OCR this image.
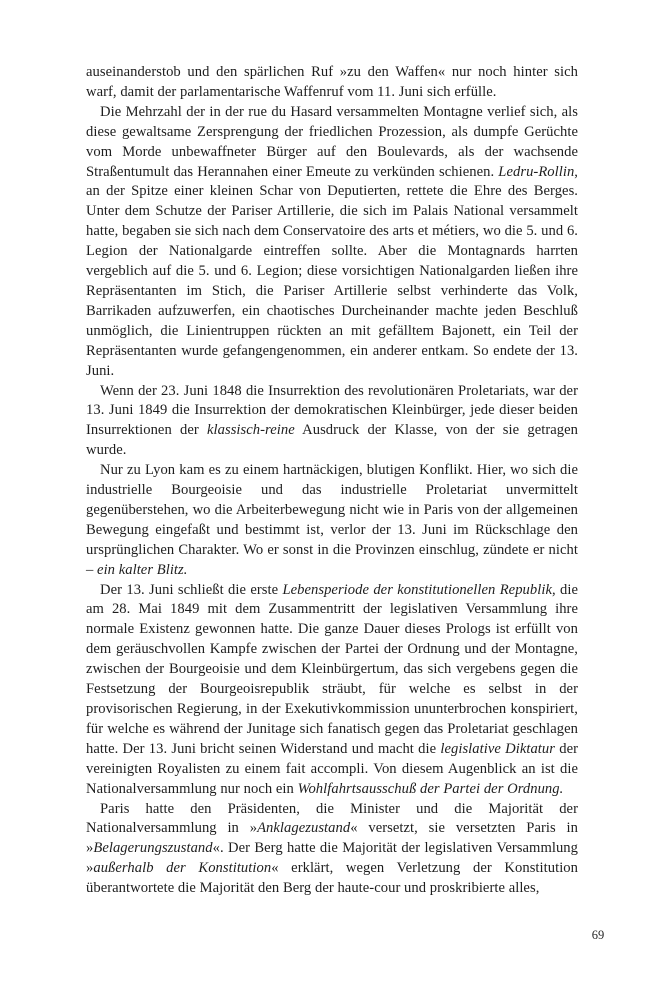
auseinanderstob und den spärlichen Ruf »zu den Waffen« nur noch hinter sich warf, damit der parlamentarische Waffenruf vom 11. Juni sich erfülle.

Die Mehrzahl der in der rue du Hasard versammelten Montagne verlief sich, als diese gewaltsame Zersprengung der friedlichen Prozession, als dumpfe Gerüchte vom Morde unbewaffneter Bürger auf den Boulevards, als der wachsende Straßentumult das Herannahen einer Emeute zu verkünden schienen. Ledru-Rollin, an der Spitze einer kleinen Schar von Deputierten, rettete die Ehre des Berges. Unter dem Schutze der Pariser Artillerie, die sich im Palais National versammelt hatte, begaben sie sich nach dem Conservatoire des arts et métiers, wo die 5. und 6. Legion der Nationalgarde eintreffen sollte. Aber die Montagnards harrten vergeblich auf die 5. und 6. Legion; diese vorsichtigen Nationalgarden ließen ihre Repräsentanten im Stich, die Pariser Artillerie selbst verhinderte das Volk, Barrikaden aufzuwerfen, ein chaotisches Durcheinander machte jeden Beschluß unmöglich, die Linientruppen rückten an mit gefälltem Bajonett, ein Teil der Repräsentanten wurde gefangengenommen, ein anderer entkam. So endete der 13. Juni.

Wenn der 23. Juni 1848 die Insurrektion des revolutionären Proletariats, war der 13. Juni 1849 die Insurrektion der demokratischen Kleinbürger, jede dieser beiden Insurrektionen der klassisch-reine Ausdruck der Klasse, von der sie getragen wurde.

Nur zu Lyon kam es zu einem hartnäckigen, blutigen Konflikt. Hier, wo sich die industrielle Bourgeoisie und das industrielle Proletariat unvermittelt gegenüberstehen, wo die Arbeiterbewegung nicht wie in Paris von der allgemeinen Bewegung eingefaßt und bestimmt ist, verlor der 13. Juni im Rückschlage den ursprünglichen Charakter. Wo er sonst in die Provinzen einschlug, zündete er nicht – ein kalter Blitz.

Der 13. Juni schließt die erste Lebensperiode der konstitutionellen Republik, die am 28. Mai 1849 mit dem Zusammentritt der legislativen Versammlung ihre normale Existenz gewonnen hatte. Die ganze Dauer dieses Prologs ist erfüllt von dem geräuschvollen Kampfe zwischen der Partei der Ordnung und der Montagne, zwischen der Bourgeoisie und dem Kleinbürgertum, das sich vergebens gegen die Festsetzung der Bourgeoisrepublik sträubt, für welche es selbst in der provisorischen Regierung, in der Exekutivkommission ununterbrochen konspiriert, für welche es während der Junitage sich fanatisch gegen das Proletariat geschlagen hatte. Der 13. Juni bricht seinen Widerstand und macht die legislative Diktatur der vereinigten Royalisten zu einem fait accompli. Von diesem Augenblick an ist die Nationalversammlung nur noch ein Wohlfahrtsausschuß der Partei der Ordnung.

Paris hatte den Präsidenten, die Minister und die Majorität der Nationalversammlung in »Anklagezustand« versetzt, sie versetzten Paris in »Belagerungszustand«. Der Berg hatte die Majorität der legislativen Versammlung »außerhalb der Konstitution« erklärt, wegen Verletzung der Konstitution überantwortete die Majorität den Berg der haute-cour und proskribierte alles,

69
